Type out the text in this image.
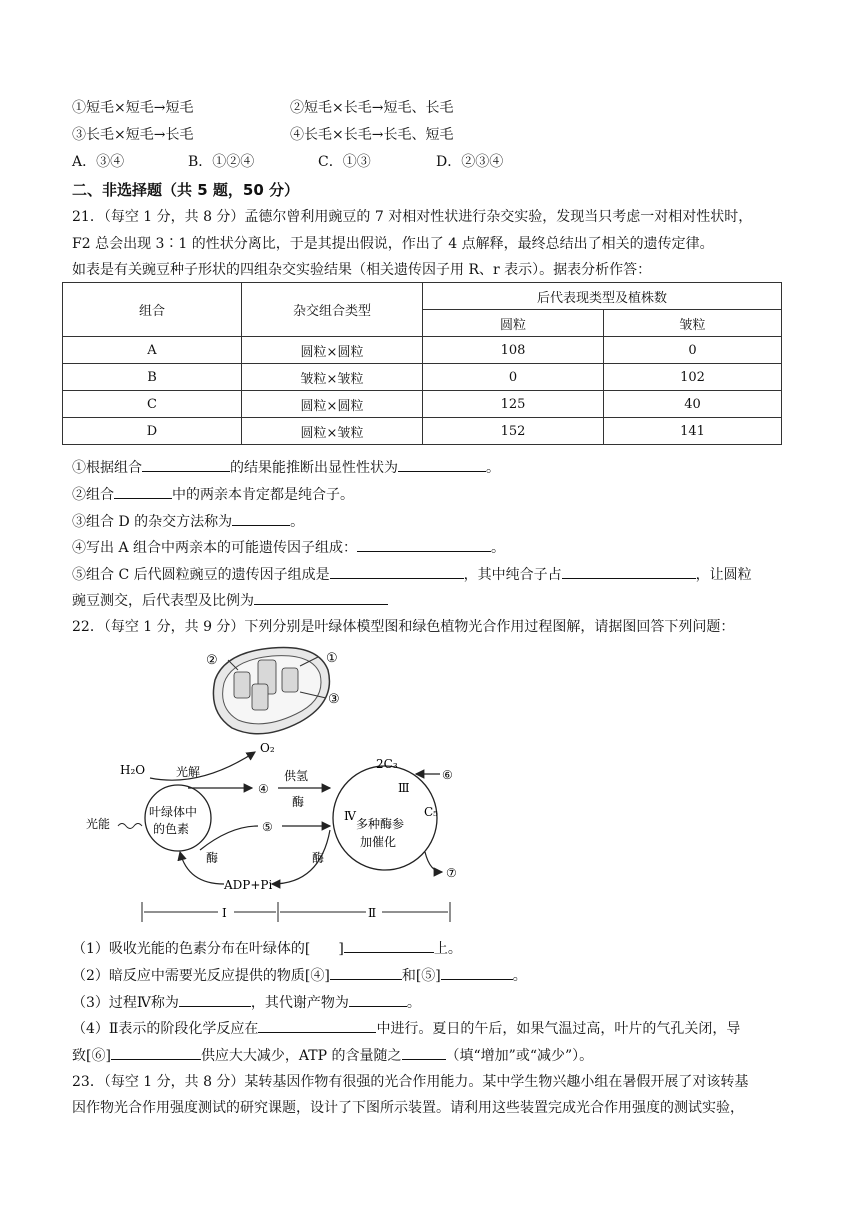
①短毛×短毛→短毛	②短毛×长毛→短毛、长毛
③长毛×短毛→长毛	④长毛×长毛→长毛、短毛
A．③④	B．①②④	C．①③	D．②③④
二、非选择题（共 5 题，50 分）
21．（每空 1 分，共 8 分）孟德尔曾利用豌豆的 7 对相对性状进行杂交实验，发现当只考虑一对相对性状时，
F2 总会出现 3∶1 的性状分离比，于是其提出假说，作出了 4 点解释，最终总结出了相关的遗传定律。
如表是有关豌豆种子形状的四组杂交实验结果（相关遗传因子用 R、r 表示）。据表分析作答：
组合	杂交组合类型	后代表现类型及植株数	
		圆粒	皱粒
A	圆粒×圆粒	108	0
B	皱粒×皱粒	0	102
C	圆粒×圆粒	125	40
D	圆粒×皱粒	152	141
①根据组合	的结果能推断出显性性状为	。
②组合	中的两亲本肯定都是纯合子。
③组合 D 的杂交方法称为	。
④写出 A 组合中两亲本的可能遗传因子组成：	。
⑤组合 C 后代圆粒豌豆的遗传因子组成是	，其中纯合子占	，让圆粒
豌豆测交，后代表型及比例为
22．（每空 1 分，共 9 分）下列分别是叶绿体模型图和绿色植物光合作用过程图解，请据图回答下列问题：
①
②
③
叶绿体中
的色素
H₂O	光解
O₂
④
供氢
酶
光能	⑤
酶	酶
ADP+Pi
2C₃
Ⅲ
⑥
C₅
Ⅳ
多种酶参
加催化
⑦
Ⅰ	Ⅱ
（1）吸收光能的色素分布在叶绿体的[ ]	上。
（2）暗反应中需要光反应提供的物质[④]	和[⑤]	。
（3）过程Ⅳ称为	，其代谢产物为	。
（4）Ⅱ表示的阶段化学反应在	中进行。夏日的午后，如果气温过高，叶片的气孔关闭，导
致[⑥]	供应大大减少，ATP 的含量随之	（填“增加”或“减少”）。
23．（每空 1 分，共 8 分）某转基因作物有很强的光合作用能力。某中学生物兴趣小组在暑假开展了对该转基
因作物光合作用强度测试的研究课题，设计了下图所示装置。请利用这些装置完成光合作用强度的测试实验，
